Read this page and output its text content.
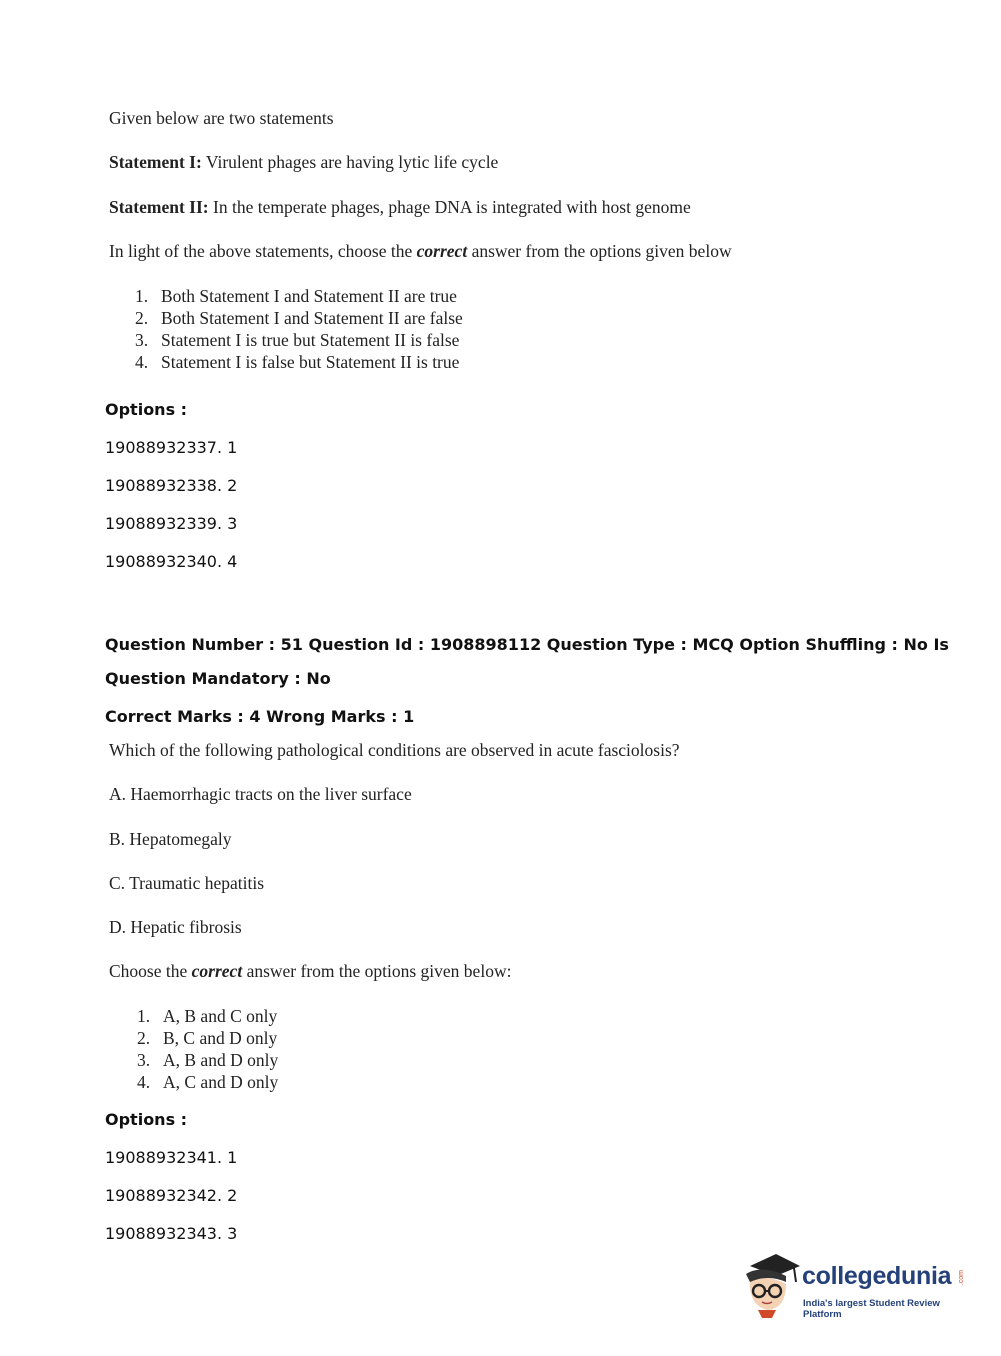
Given below are two statements
Statement I: Virulent phages are having lytic life cycle
Statement II: In the temperate phages, phage DNA is integrated with host genome
In light of the above statements, choose the correct answer from the options given below
1. Both Statement I and Statement II are true
2. Both Statement I and Statement II are false
3. Statement I is true but Statement II is false
4. Statement I is false but Statement II is true
Options :
19088932337. 1
19088932338. 2
19088932339. 3
19088932340. 4
Question Number : 51 Question Id : 1908898112 Question Type : MCQ Option Shuffling : No Is
Question Mandatory : No
Correct Marks : 4 Wrong Marks : 1
Which of the following pathological conditions are observed in acute fasciolosis?
A. Haemorrhagic tracts on the liver surface
B. Hepatomegaly
C. Traumatic hepatitis
D. Hepatic fibrosis
Choose the correct answer from the options given below:
1. A, B and C only
2. B, C and D only
3. A, B and D only
4. A, C and D only
Options :
19088932341. 1
19088932342. 2
19088932343. 3
collegedunia .com
India's largest Student Review Platform
